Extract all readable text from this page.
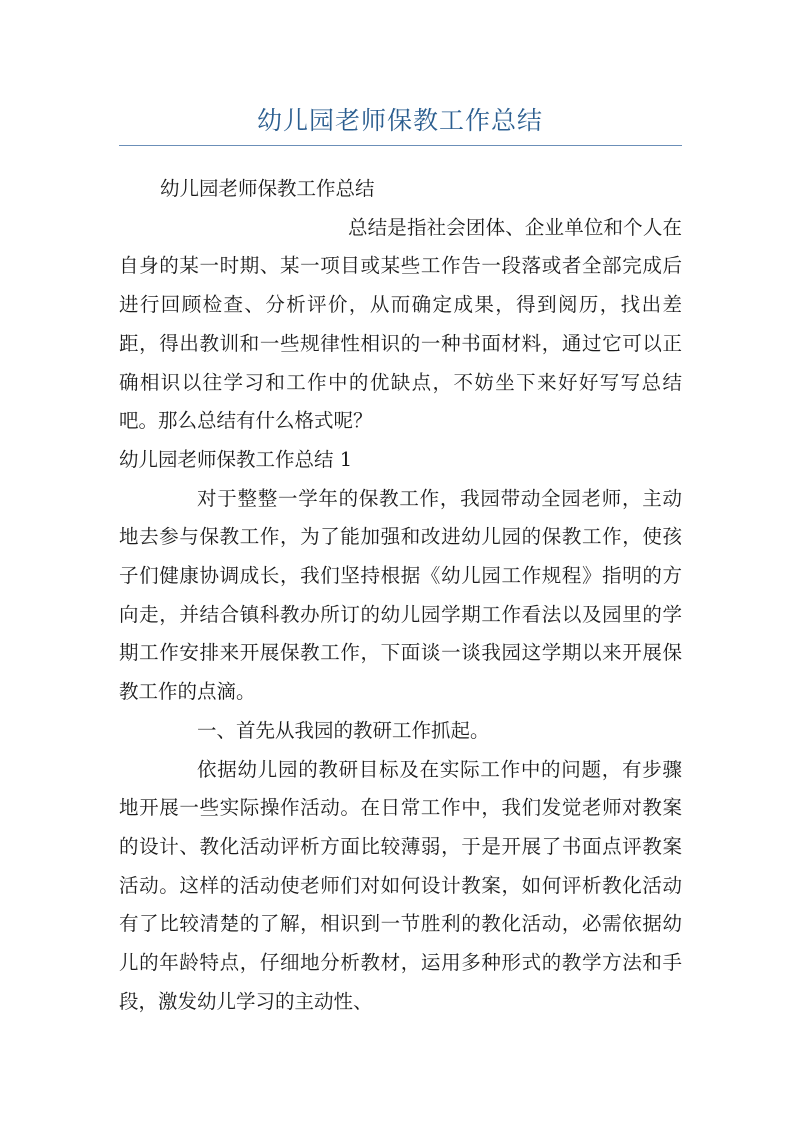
幼儿园老师保教工作总结

幼儿园老师保教工作总结

总结是指社会团体、企业单位和个人在自身的某一时期、某一项目或某些工作告一段落或者全部完成后进行回顾检查、分析评价，从而确定成果，得到阅历，找出差距，得出教训和一些规律性相识的一种书面材料，通过它可以正确相识以往学习和工作中的优缺点，不妨坐下来好好写写总结吧。那么总结有什么格式呢？

幼儿园老师保教工作总结 1

对于整整一学年的保教工作，我园带动全园老师，主动地去参与保教工作，为了能加强和改进幼儿园的保教工作，使孩子们健康协调成长，我们坚持根据《幼儿园工作规程》指明的方向走，并结合镇科教办所订的幼儿园学期工作看法以及园里的学期工作安排来开展保教工作，下面谈一谈我园这学期以来开展保教工作的点滴。

一、首先从我园的教研工作抓起。

依据幼儿园的教研目标及在实际工作中的问题，有步骤地开展一些实际操作活动。在日常工作中，我们发觉老师对教案的设计、教化活动评析方面比较薄弱，于是开展了书面点评教案活动。这样的活动使老师们对如何设计教案，如何评析教化活动有了比较清楚的了解，相识到一节胜利的教化活动，必需依据幼儿的年龄特点，仔细地分析教材，运用多种形式的教学方法和手段，激发幼儿学习的主动性、
